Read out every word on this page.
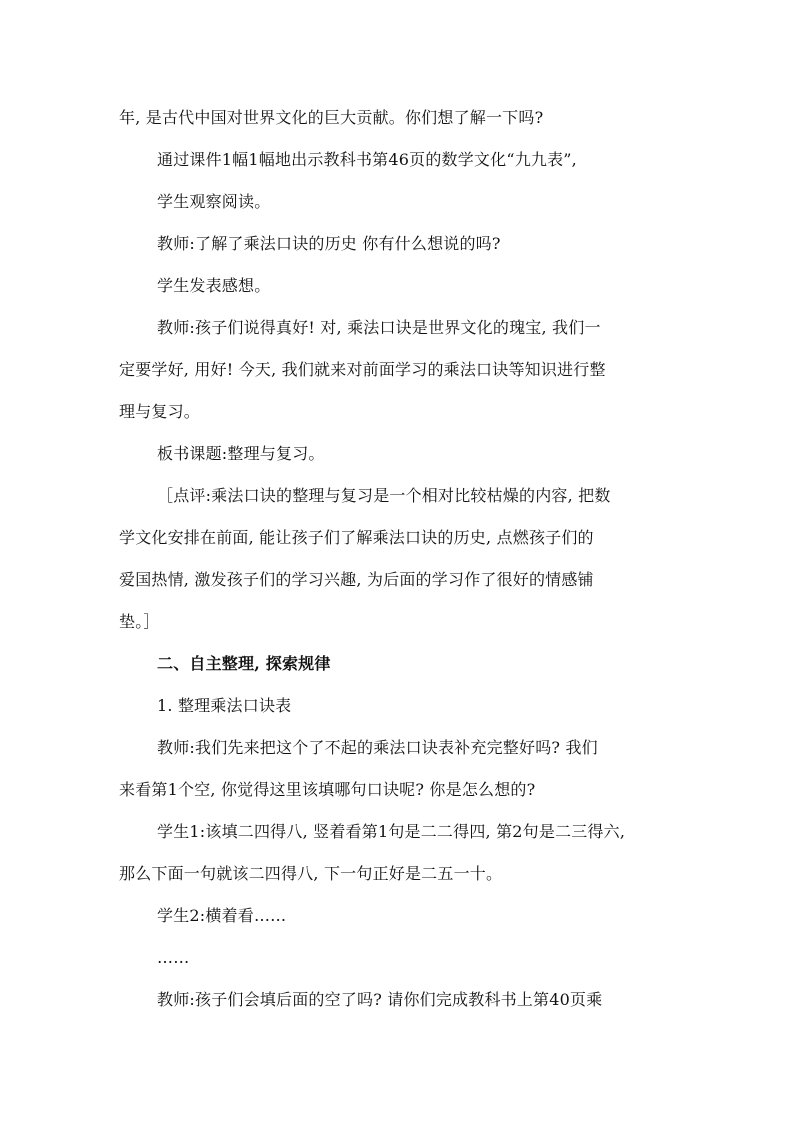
年, 是古代中国对世界文化的巨大贡献。你们想了解一下吗?
通过课件1幅1幅地出示教科书第46页的数学文化“九九表”,
学生观察阅读。
教师:了解了乘法口诀的历史 你有什么想说的吗?
学生发表感想。
教师:孩子们说得真好! 对, 乘法口诀是世界文化的瑰宝, 我们一
定要学好, 用好! 今天, 我们就来对前面学习的乘法口诀等知识进行整
理与复习。
板书课题:整理与复习。
［点评:乘法口诀的整理与复习是一个相对比较枯燥的内容, 把数
学文化安排在前面, 能让孩子们了解乘法口诀的历史, 点燃孩子们的
爱国热情, 激发孩子们的学习兴趣, 为后面的学习作了很好的情感铺
垫。］
二、自主整理, 探索规律
1. 整理乘法口诀表
教师:我们先来把这个了不起的乘法口诀表补充完整好吗? 我们
来看第1个空, 你觉得这里该填哪句口诀呢? 你是怎么想的?
学生1:该填二四得八, 竖着看第1句是二二得四, 第2句是二三得六,
那么下面一句就该二四得八, 下一句正好是二五一十。
学生2:横着看……
……
教师:孩子们会填后面的空了吗? 请你们完成教科书上第40页乘
